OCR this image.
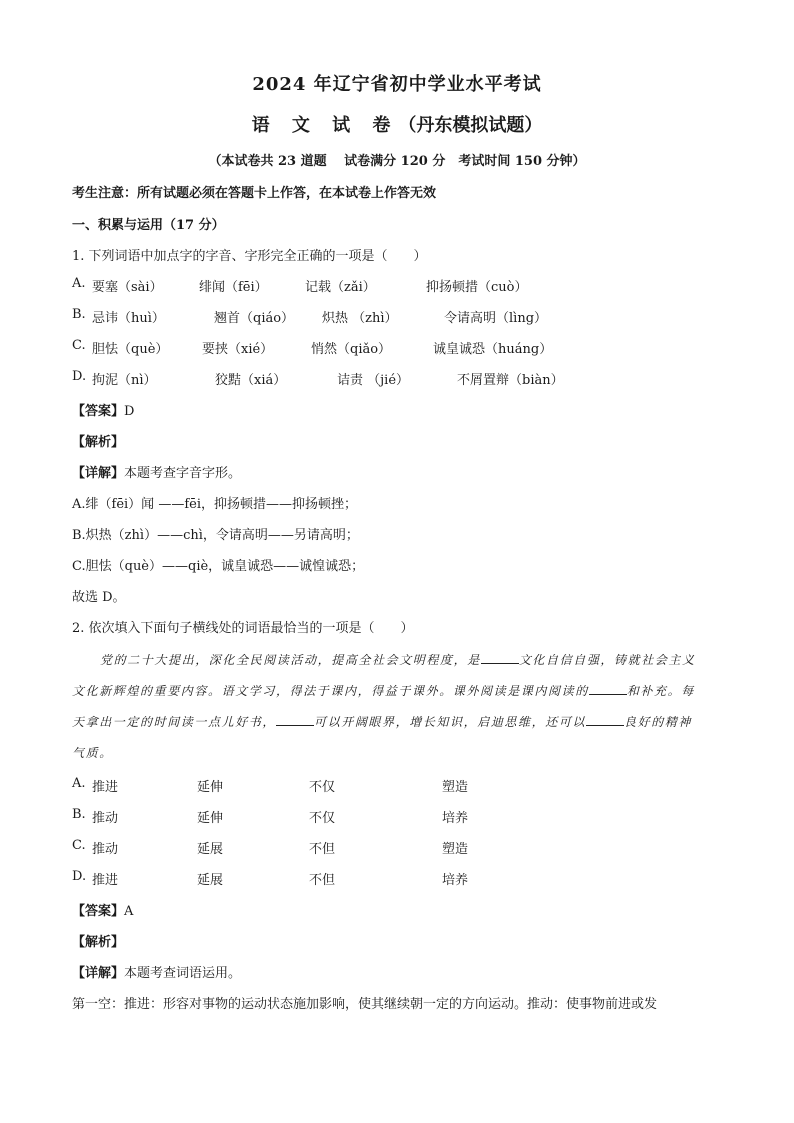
2024 年辽宁省初中学业水平考试
语 文 试 卷（丹东模拟试题）
（本试卷共 23 道题　 试卷满分 120 分　考试时间 150 分钟）
考生注意：所有试题必须在答题卡上作答，在本试卷上作答无效
一、积累与运用（17 分）
1. 下列词语中加点字的字音、字形完全正确的一项是（　　）
A. 要塞（sài）	绯闻（fēi）	记载（zǎi）	抑扬顿措（cuò）
B. 忌讳（huì）	翘首（qiáo） 炽热 （zhì）	令请高明（lìng）
C. 胆怯（què）	要挟（xié）	悄然（qiǎo）	诚皇诚恐（huáng）
D. 拘泥（nì）	狡黠（xiá）	诘责 （jié）	不屑置辩（biàn）
【答案】D
【解析】
【详解】本题考查字音字形。
A.绯（fēi）闻 ——fēi，抑扬顿措——抑扬顿挫；
B.炽热（zhì）——chì，令请高明——另请高明；
C.胆怯（què）——qiè，诚皇诚恐——诚惶诚恐；
故选 D。
2. 依次填入下面句子横线处的词语最恰当的一项是（　　）
党的二十大提出，深化全民阅读活动，提高全社会文明程度，是	文化自信自强，铸就社会主义
文化新辉煌的重要内容。语文学习，得法于课内，得益于课外。课外阅读是课内阅读的	和补充。每
天拿出一定的时间读一点儿好书，	可以开阔眼界，增长知识，启迪思维，还可以	良好的精神
气质。
A. 推进	延伸	不仅	塑造
B. 推动	延伸	不仅	培养
C. 推动	延展	不但	塑造
D. 推进	延展	不但	培养
【答案】A
【解析】
【详解】本题考查词语运用。
第一空：推进：形容对事物的运动状态施加影响，使其继续朝一定的方向运动。推动：使事物前进或发
